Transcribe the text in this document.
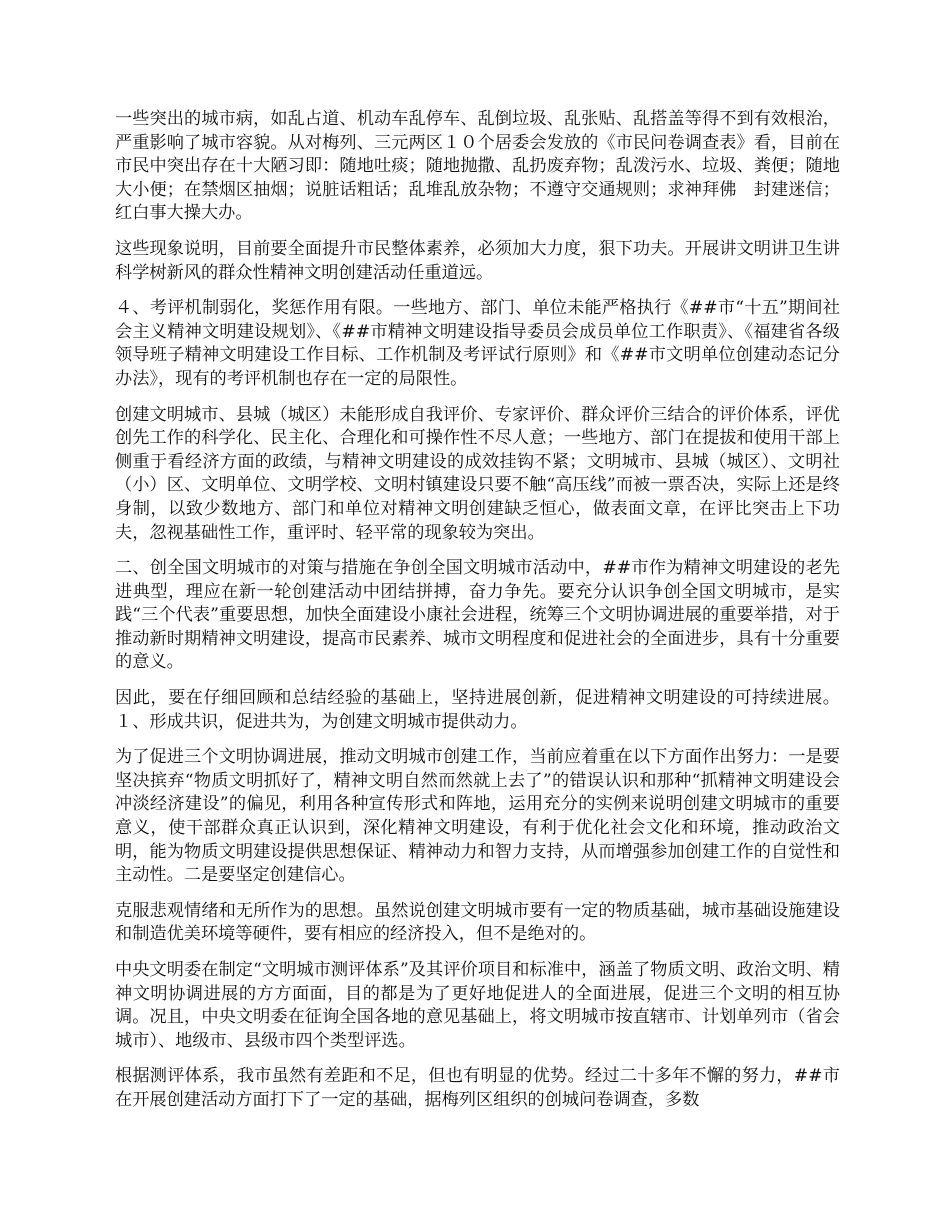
一些突出的城市病，如乱占道、机动车乱停车、乱倒垃圾、乱张贴、乱搭盖等得不到有效根治，严重影响了城市容貌。从对梅列、三元两区１０个居委会发放的《市民问卷调查表》看，目前在市民中突出存在十大陋习即：随地吐痰；随地抛撒、乱扔废弃物；乱泼污水、垃圾、粪便；随地大小便；在禁烟区抽烟；说脏话粗话；乱堆乱放杂物；不遵守交通规则；求神拜佛　封建迷信；红白事大操大办。

这些现象说明，目前要全面提升市民整体素养，必须加大力度，狠下功夫。开展讲文明讲卫生讲科学树新风的群众性精神文明创建活动任重道远。

４、考评机制弱化，奖惩作用有限。一些地方、部门、单位未能严格执行《##市“十五”期间社会主义精神文明建设规划》、《##市精神文明建设指导委员会成员单位工作职责》、《福建省各级领导班子精神文明建设工作目标、工作机制及考评试行原则》和《##市文明单位创建动态记分办法》，现有的考评机制也存在一定的局限性。

创建文明城市、县城（城区）未能形成自我评价、专家评价、群众评价三结合的评价体系，评优创先工作的科学化、民主化、合理化和可操作性不尽人意；一些地方、部门在提拔和使用干部上侧重于看经济方面的政绩，与精神文明建设的成效挂钩不紧；文明城市、县城（城区）、文明社（小）区、文明单位、文明学校、文明村镇建设只要不触“高压线”而被一票否决，实际上还是终身制，以致少数地方、部门和单位对精神文明创建缺乏恒心，做表面文章，在评比突击上下功夫，忽视基础性工作，重评时、轻平常的现象较为突出。

二、创全国文明城市的对策与措施在争创全国文明城市活动中，##市作为精神文明建设的老先进典型，理应在新一轮创建活动中团结拼搏，奋力争先。要充分认识争创全国文明城市，是实践“三个代表”重要思想，加快全面建设小康社会进程，统筹三个文明协调进展的重要举措，对于推动新时期精神文明建设，提高市民素养、城市文明程度和促进社会的全面进步，具有十分重要的意义。

因此，要在仔细回顾和总结经验的基础上，坚持进展创新，促进精神文明建设的可持续进展。１、形成共识，促进共为，为创建文明城市提供动力。

为了促进三个文明协调进展，推动文明城市创建工作，当前应着重在以下方面作出努力：一是要坚决摈弃“物质文明抓好了，精神文明自然而然就上去了”的错误认识和那种“抓精神文明建设会冲淡经济建设”的偏见，利用各种宣传形式和阵地，运用充分的实例来说明创建文明城市的重要意义，使干部群众真正认识到，深化精神文明建设，有利于优化社会文化和环境，推动政治文明，能为物质文明建设提供思想保证、精神动力和智力支持，从而增强参加创建工作的自觉性和主动性。二是要坚定创建信心。

克服悲观情绪和无所作为的思想。虽然说创建文明城市要有一定的物质基础，城市基础设施建设和制造优美环境等硬件，要有相应的经济投入，但不是绝对的。

中央文明委在制定“文明城市测评体系”及其评价项目和标准中，涵盖了物质文明、政治文明、精神文明协调进展的方方面面，目的都是为了更好地促进人的全面进展，促进三个文明的相互协调。况且，中央文明委在征询全国各地的意见基础上，将文明城市按直辖市、计划单列市（省会城市）、地级市、县级市四个类型评选。

根据测评体系，我市虽然有差距和不足，但也有明显的优势。经过二十多年不懈的努力，##市在开展创建活动方面打下了一定的基础，据梅列区组织的创城问卷调查，多数
